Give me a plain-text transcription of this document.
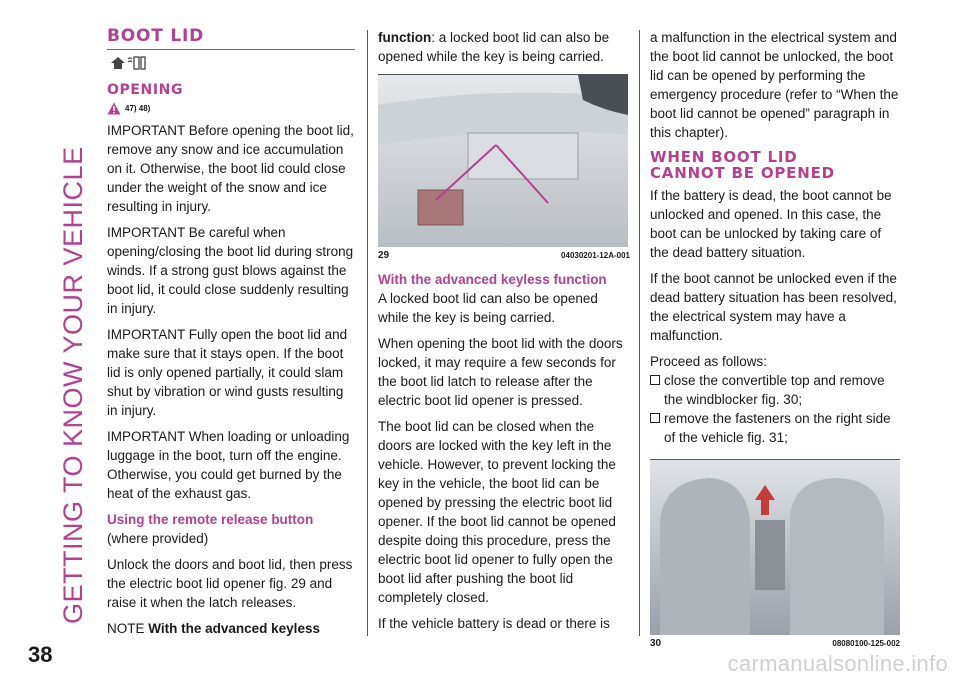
GETTING TO KNOW YOUR VEHICLE
BOOT LID
OPENING
47) 48)

IMPORTANT Before opening the boot lid, remove any snow and ice accumulation on it. Otherwise, the boot lid could close under the weight of the snow and ice resulting in injury.

IMPORTANT Be careful when opening/closing the boot lid during strong winds. If a strong gust blows against the boot lid, it could close suddenly resulting in injury.

IMPORTANT Fully open the boot lid and make sure that it stays open. If the boot lid is only opened partially, it could slam shut by vibration or wind gusts resulting in injury.

IMPORTANT When loading or unloading luggage in the boot, turn off the engine. Otherwise, you could get burned by the heat of the exhaust gas.

Using the remote release button

(where provided)

Unlock the doors and boot lid, then press the electric boot lid opener fig. 29 and raise it when the latch releases.

NOTE With the advanced keyless

function: a locked boot lid can also be opened while the key is being carried.

29	04030201-12A-001
With the advanced keyless function

A locked boot lid can also be opened while the key is being carried.

When opening the boot lid with the doors locked, it may require a few seconds for the boot lid latch to release after the electric boot lid opener is pressed.

The boot lid can be closed when the doors are locked with the key left in the vehicle. However, to prevent locking the key in the vehicle, the boot lid can be opened by pressing the electric boot lid opener. If the boot lid cannot be opened despite doing this procedure, press the electric boot lid opener to fully open the boot lid after pushing the boot lid completely closed.

If the vehicle battery is dead or there is

a malfunction in the electrical system and the boot lid cannot be unlocked, the boot lid can be opened by performing the emergency procedure (refer to “When the boot lid cannot be opened” paragraph in this chapter).

WHEN BOOT LID
CANNOT BE OPENED

If the battery is dead, the boot cannot be unlocked and opened. In this case, the boot can be unlocked by taking care of the dead battery situation.

If the boot cannot be unlocked even if the dead battery situation has been resolved, the electrical system may have a malfunction.

Proceed as follows:

close the convertible top and remove the windblocker fig. 30;

remove the fasteners on the right side of the vehicle fig. 31;

30	08080100-125-002
38	carmanualsonline.info
